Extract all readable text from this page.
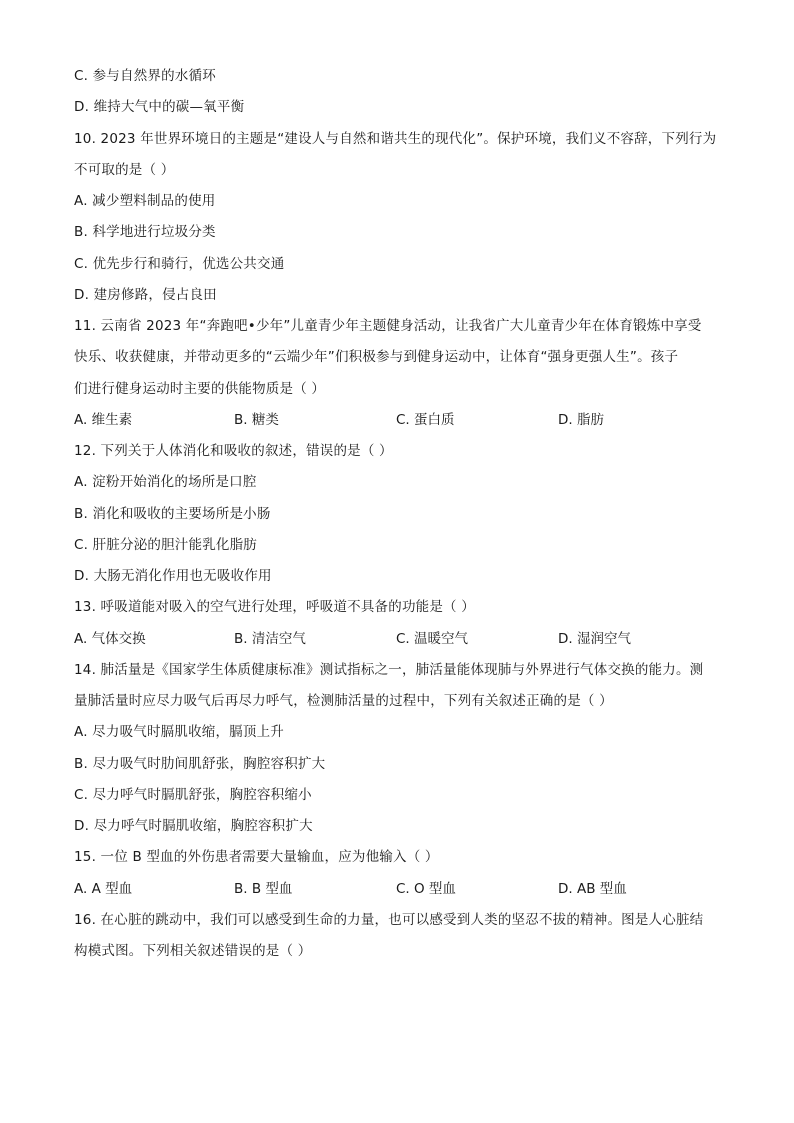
C. 参与自然界的水循环
D. 维持大气中的碳—氧平衡
10. 2023 年世界环境日的主题是“建设人与自然和谐共生的现代化”。保护环境，我们义不容辞，下列行为
不可取的是（ ）
A. 减少塑料制品的使用
B. 科学地进行垃圾分类
C. 优先步行和骑行，优选公共交通
D. 建房修路，侵占良田
11. 云南省 2023 年“奔跑吧•少年”儿童青少年主题健身活动，让我省广大儿童青少年在体育锻炼中享受
快乐、收获健康，并带动更多的“云端少年”们积极参与到健身运动中，让体育“强身更强人生”。孩子
们进行健身运动时主要的供能物质是（ ）
A. 维生素	B. 糖类	C. 蛋白质	D. 脂肪
12. 下列关于人体消化和吸收的叙述，错误的是（ ）
A. 淀粉开始消化的场所是口腔
B. 消化和吸收的主要场所是小肠
C. 肝脏分泌的胆汁能乳化脂肪
D. 大肠无消化作用也无吸收作用
13. 呼吸道能对吸入的空气进行处理，呼吸道不具备的功能是（ ）
A. 气体交换	B. 清洁空气	C. 温暖空气	D. 湿润空气
14. 肺活量是《国家学生体质健康标准》测试指标之一，肺活量能体现肺与外界进行气体交换的能力。测
量肺活量时应尽力吸气后再尽力呼气，检测肺活量的过程中，下列有关叙述正确的是（ ）
A. 尽力吸气时膈肌收缩，膈顶上升
B. 尽力吸气时肋间肌舒张，胸腔容积扩大
C. 尽力呼气时膈肌舒张，胸腔容积缩小
D. 尽力呼气时膈肌收缩，胸腔容积扩大
15. 一位 B 型血的外伤患者需要大量输血，应为他输入（ ）
A. A 型血	B. B 型血	C. O 型血	D. AB 型血
16. 在心脏的跳动中，我们可以感受到生命的力量，也可以感受到人类的坚忍不拔的精神。图是人心脏结
构模式图。下列相关叙述错误的是（ ）
